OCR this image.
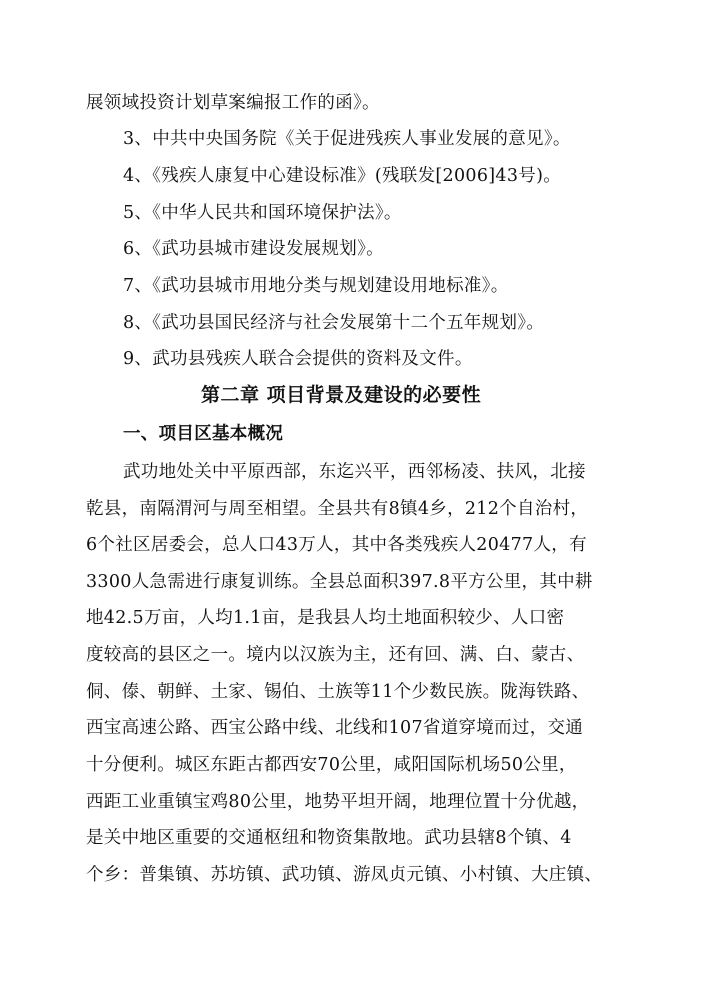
展领域投资计划草案编报工作的函》。
3、中共中央国务院《关于促进残疾人事业发展的意见》。
4、《残疾人康复中心建设标准》(残联发[2006]43号)。
5、《中华人民共和国环境保护法》。
6、《武功县城市建设发展规划》。
7、《武功县城市用地分类与规划建设用地标准》。
8、《武功县国民经济与社会发展第十二个五年规划》。
9、武功县残疾人联合会提供的资料及文件。
第二章 项目背景及建设的必要性
一、项目区基本概况
武功地处关中平原西部，东迄兴平，西邻杨凌、扶风，北接
乾县，南隔渭河与周至相望。全县共有8镇4乡，212个自治村，
6个社区居委会，总人口43万人，其中各类残疾人20477人，有
3300人急需进行康复训练。全县总面积397.8平方公里，其中耕
地42.5万亩，人均1.1亩，是我县人均土地面积较少、人口密
度较高的县区之一。境内以汉族为主，还有回、满、白、蒙古、
侗、傣、朝鲜、土家、锡伯、土族等11个少数民族。陇海铁路、
西宝高速公路、西宝公路中线、北线和107省道穿境而过，交通
十分便利。城区东距古都西安70公里，咸阳国际机场50公里，
西距工业重镇宝鸡80公里，地势平坦开阔，地理位置十分优越，
是关中地区重要的交通枢纽和物资集散地。武功县辖8个镇、4
个乡：普集镇、苏坊镇、武功镇、游凤贞元镇、小村镇、大庄镇、
